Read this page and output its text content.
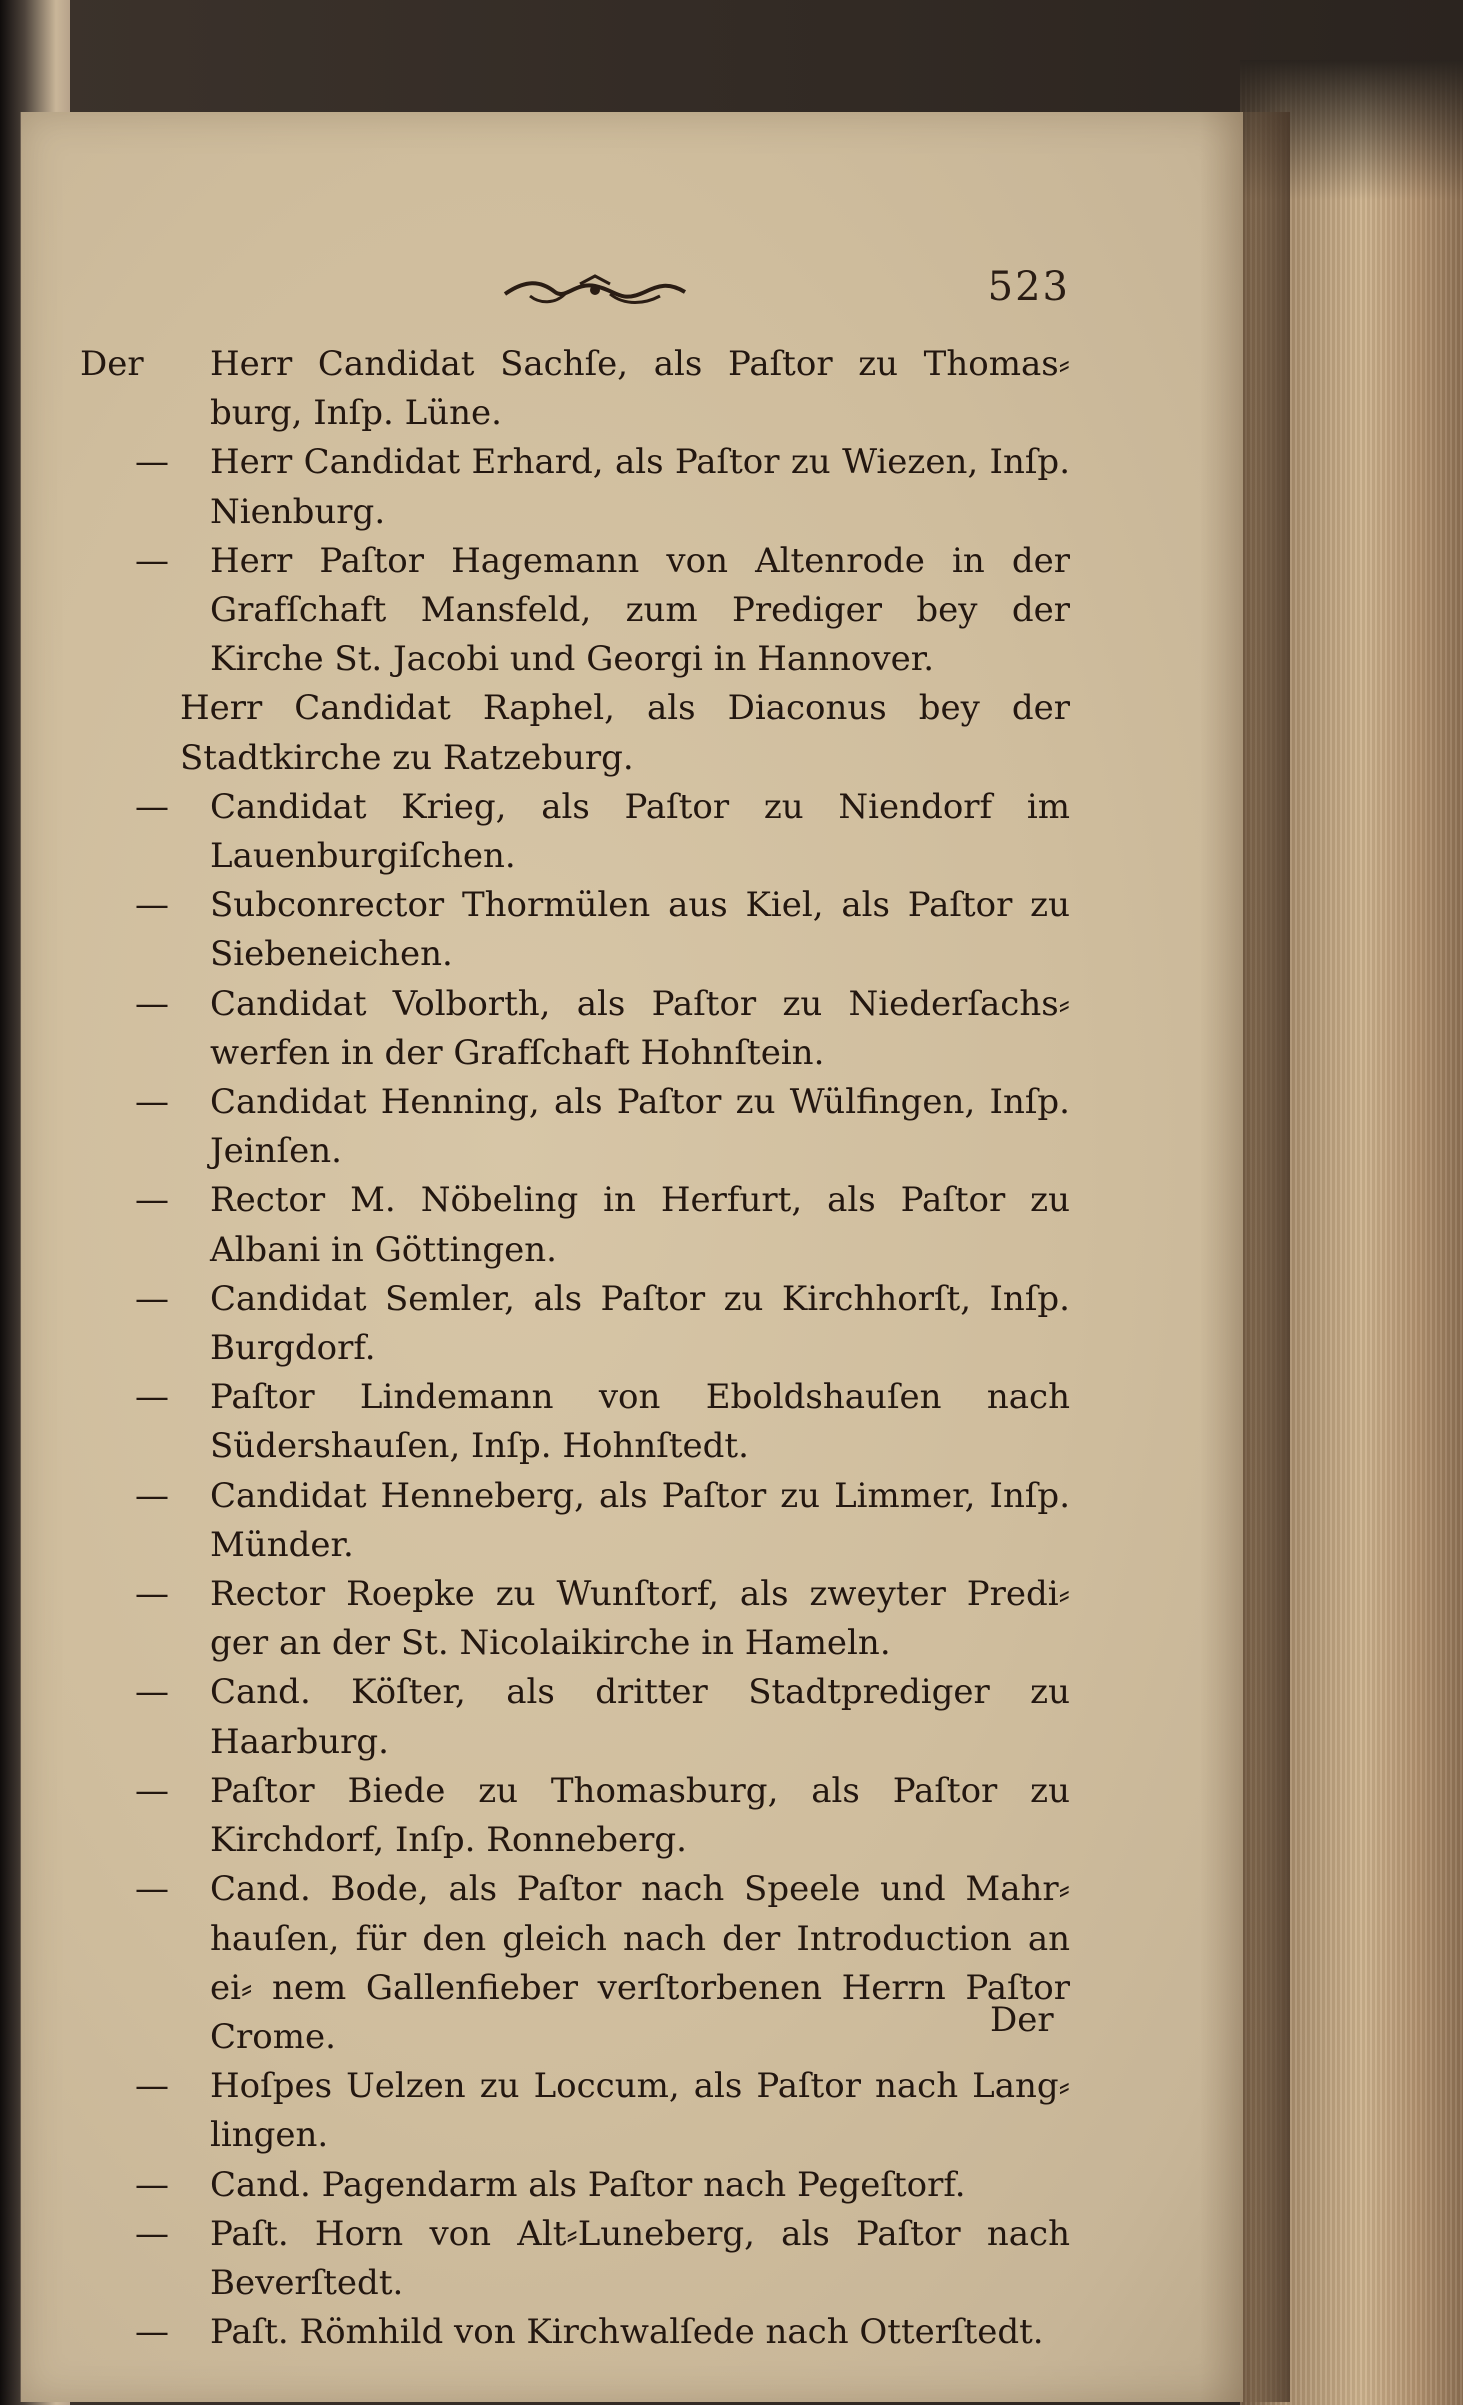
523

Der Herr Candidat Sachſe, als Paſtor zu Thomas⸗ burg, Inſp. Lüne.

— Herr Candidat Erhard, als Paſtor zu Wiezen, Inſp. Nienburg.

— Herr Paſtor Hagemann von Altenrode in der Grafſchaft Mansfeld, zum Prediger bey der Kirche St. Jacobi und Georgi in Hannover.

Herr Candidat Raphel, als Diaconus bey der Stadtkirche zu Ratzeburg.

— Candidat Krieg, als Paſtor zu Niendorf im Lauenburgiſchen.

— Subconrector Thormülen aus Kiel, als Paſtor zu Siebeneichen.

— Candidat Volborth, als Paſtor zu Niederſachs⸗ werfen in der Grafſchaft Hohnſtein.

— Candidat Henning, als Paſtor zu Wülfingen, Inſp. Jeinſen.

— Rector M. Nöbeling in Herfurt, als Paſtor zu Albani in Göttingen.

— Candidat Semler, als Paſtor zu Kirchhorſt, Inſp. Burgdorf.

— Paſtor Lindemann von Eboldshauſen nach Südershauſen, Inſp. Hohnſtedt.

— Candidat Henneberg, als Paſtor zu Limmer, Inſp. Münder.

— Rector Roepke zu Wunſtorf, als zweyter Predi⸗ ger an der St. Nicolaikirche in Hameln.

— Cand. Köſter, als dritter Stadtprediger zu Haarburg.

— Paſtor Biede zu Thomasburg, als Paſtor zu Kirchdorf, Inſp. Ronneberg.

— Cand. Bode, als Paſtor nach Speele und Mahr⸗ hauſen, für den gleich nach der Introduction an ei⸗ nem Gallenfieber verſtorbenen Herrn Paſtor Crome.

— Hoſpes Uelzen zu Loccum, als Paſtor nach Lang⸗ lingen.

— Cand. Pagendarm als Paſtor nach Pegeſtorf.

— Paſt. Horn von Alt⸗Luneberg, als Paſtor nach Beverſtedt.

— Paſt. Römhild von Kirchwalſede nach Otterſtedt.

Der
